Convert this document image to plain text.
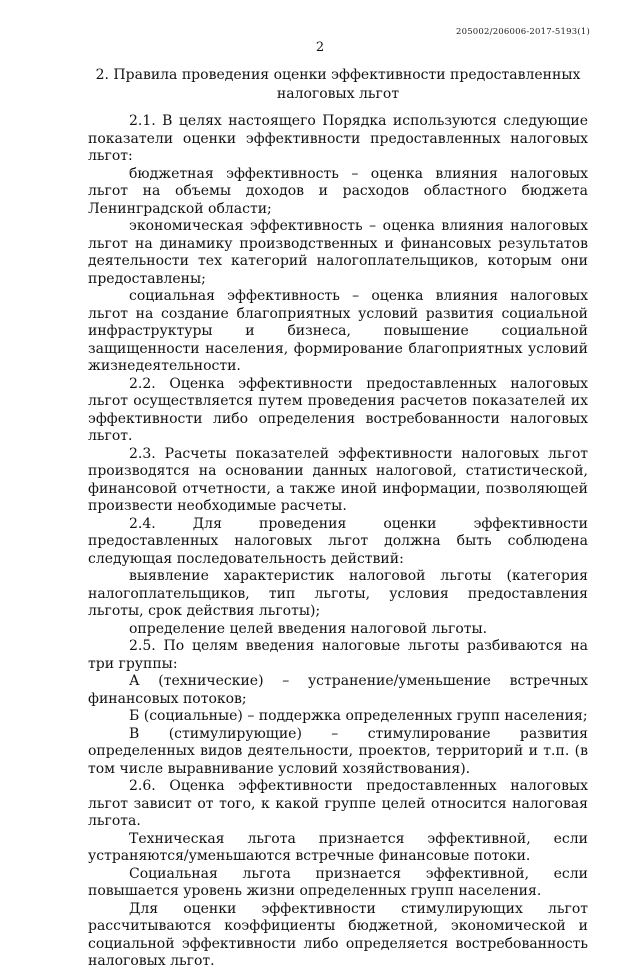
205002/206006-2017-5193(1)
2
2. Правила проведения оценки эффективности предоставленных налоговых льгот

2.1. В целях настоящего Порядка используются следующие показатели оценки эффективности предоставленных налоговых льгот:

бюджетная эффективность – оценка влияния налоговых льгот на объемы доходов и расходов областного бюджета Ленинградской области;

экономическая эффективность – оценка влияния налоговых льгот на динамику производственных и финансовых результатов деятельности тех категорий налогоплательщиков, которым они предоставлены;

социальная эффективность – оценка влияния налоговых льгот на создание благоприятных условий развития социальной инфраструктуры и бизнеса, повышение социальной защищенности населения, формирование благоприятных условий жизнедеятельности.

2.2. Оценка эффективности предоставленных налоговых льгот осуществляется путем проведения расчетов показателей их эффективности либо определения востребованности налоговых льгот.

2.3. Расчеты показателей эффективности налоговых льгот производятся на основании данных налоговой, статистической, финансовой отчетности, а также иной информации, позволяющей произвести необходимые расчеты.

2.4. Для проведения оценки эффективности предоставленных налоговых льгот должна быть соблюдена следующая последовательность действий:

выявление характеристик налоговой льготы (категория налогоплательщиков, тип льготы, условия предоставления льготы, срок действия льготы);

определение целей введения налоговой льготы.

2.5. По целям введения налоговые льготы разбиваются на три группы:

А (технические) – устранение/уменьшение встречных финансовых потоков;

Б (социальные) – поддержка определенных групп населения;

В (стимулирующие) – стимулирование развития определенных видов деятельности, проектов, территорий и т.п. (в том числе выравнивание условий хозяйствования).

2.6. Оценка эффективности предоставленных налоговых льгот зависит от того, к какой группе целей относится налоговая льгота.

Техническая льгота признается эффективной, если устраняются/уменьшаются встречные финансовые потоки.

Социальная льгота признается эффективной, если повышается уровень жизни определенных групп населения.

Для оценки эффективности стимулирующих льгот рассчитываются коэффициенты бюджетной, экономической и социальной эффективности либо определяется востребованность налоговых льгот.
